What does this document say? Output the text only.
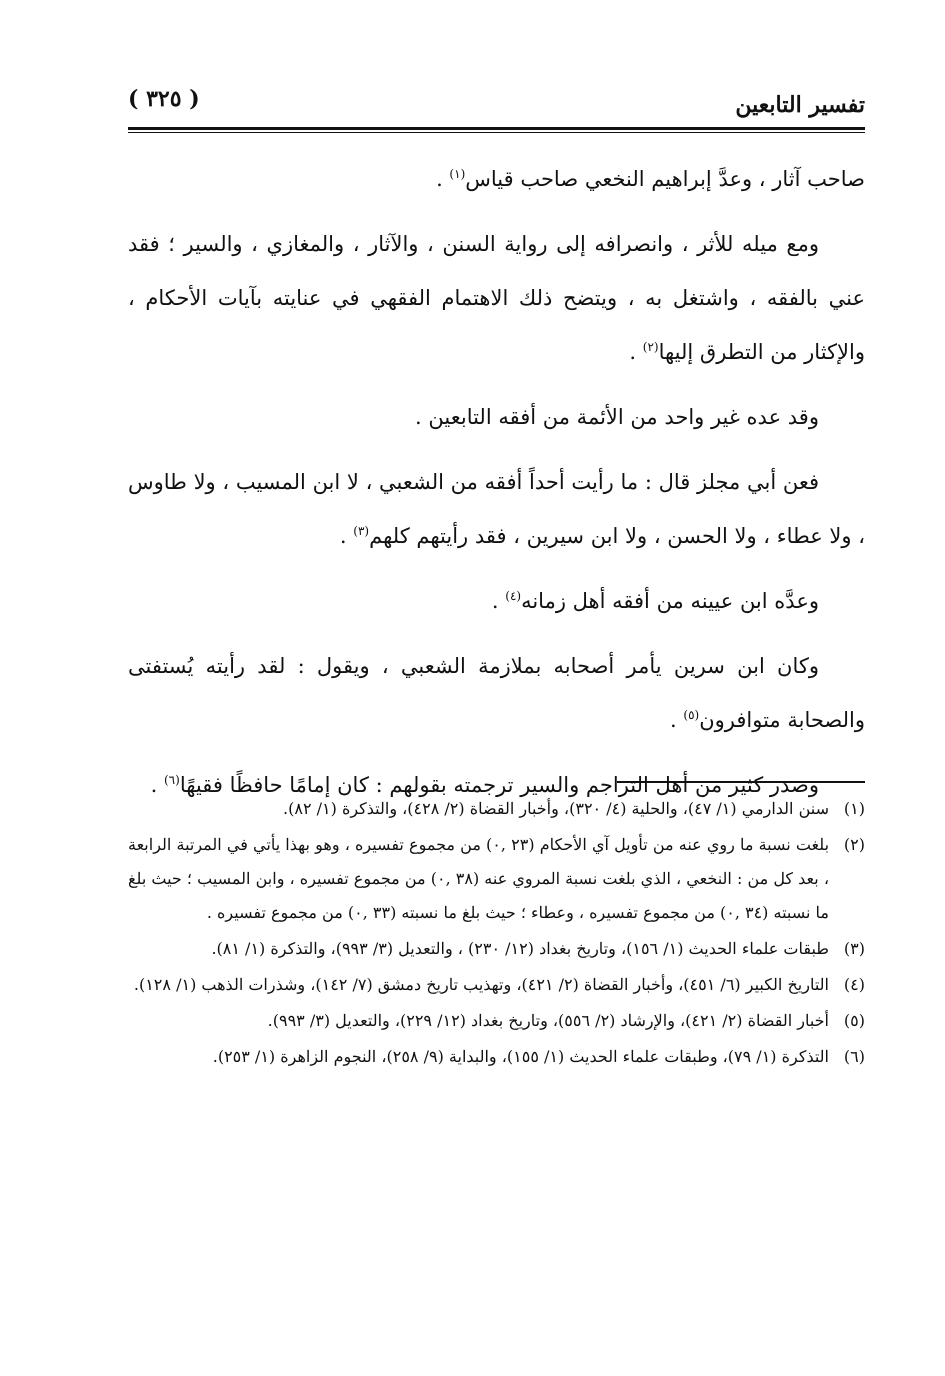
تفسير التابعين
( ٣٢٥ )

صاحب آثار ، وعدَّ إبراهيم النخعي صاحب قياس$^{(١)}$ .

ومع ميله للأثر ، وانصرافه إلى رواية السنن ، والآثار ، والمغازي ، والسير ؛ فقد عني بالفقه ، واشتغل به ، ويتضح ذلك الاهتمام الفقهي في عنايته بآيات الأحكام ، والإكثار من التطرق إليها$^{(٢)}$ .

وقد عده غير واحد من الأئمة من أفقه التابعين .

فعن أبي مجلز قال : ما رأيت أحداً أفقه من الشعبي ، لا ابن المسيب ، ولا طاوس ، ولا عطاء ، ولا الحسن ، ولا ابن سيرين ، فقد رأيتهم كلهم$^{(٣)}$ .

وعدَّه ابن عيينه من أفقه أهل زمانه$^{(٤)}$ .

وكان ابن سرين يأمر أصحابه بملازمة الشعبي ، ويقول : لقد رأيته يُستفتى والصحابة متوافرون$^{(٥)}$ .

وصدر كثير من أهل التراجم والسير ترجمته بقولهم : كان إمامًا حافظًا فقيهًا$^{(٦)}$ .

(١)
سنن الدارمي (١/ ٤٧)، والحلية (٤/ ٣٢٠)، وأخبار القضاة (٢/ ٤٢٨)، والتذكرة (١/ ٨٢).
(٢)
بلغت نسبة ما روي عنه من تأويل آي الأحكام (٢٣ ,٠) من مجموع تفسيره ، وهو بهذا يأتي في المرتبة الرابعة ، بعد كل من : النخعي ، الذي بلغت نسبة المروي عنه (٣٨ ,٠) من مجموع تفسيره ، وابن المسيب ؛ حيث بلغ ما نسبته (٣٤ ,٠) من مجموع تفسيره ، وعطاء ؛ حيث بلغ ما نسبته (٣٣ ,٠) من مجموع تفسيره .
(٣)
طبقات علماء الحديث (١/ ١٥٦)، وتاريخ بغداد (١٢/ ٢٣٠) ، والتعديل (٣/ ٩٩٣)، والتذكرة (١/ ٨١).
(٤)
التاريخ الكبير (٦/ ٤٥١)، وأخبار القضاة (٢/ ٤٢١)، وتهذيب تاريخ دمشق (٧/ ١٤٢)، وشذرات الذهب (١/ ١٢٨).
(٥)
أخبار القضاة (٢/ ٤٢١)، والإرشاد (٢/ ٥٥٦)، وتاريخ بغداد (١٢/ ٢٢٩)، والتعديل (٣/ ٩٩٣).
(٦)
التذكرة (١/ ٧٩)، وطبقات علماء الحديث (١/ ١٥٥)، والبداية (٩/ ٢٥٨)، النجوم الزاهرة (١/ ٢٥٣).
